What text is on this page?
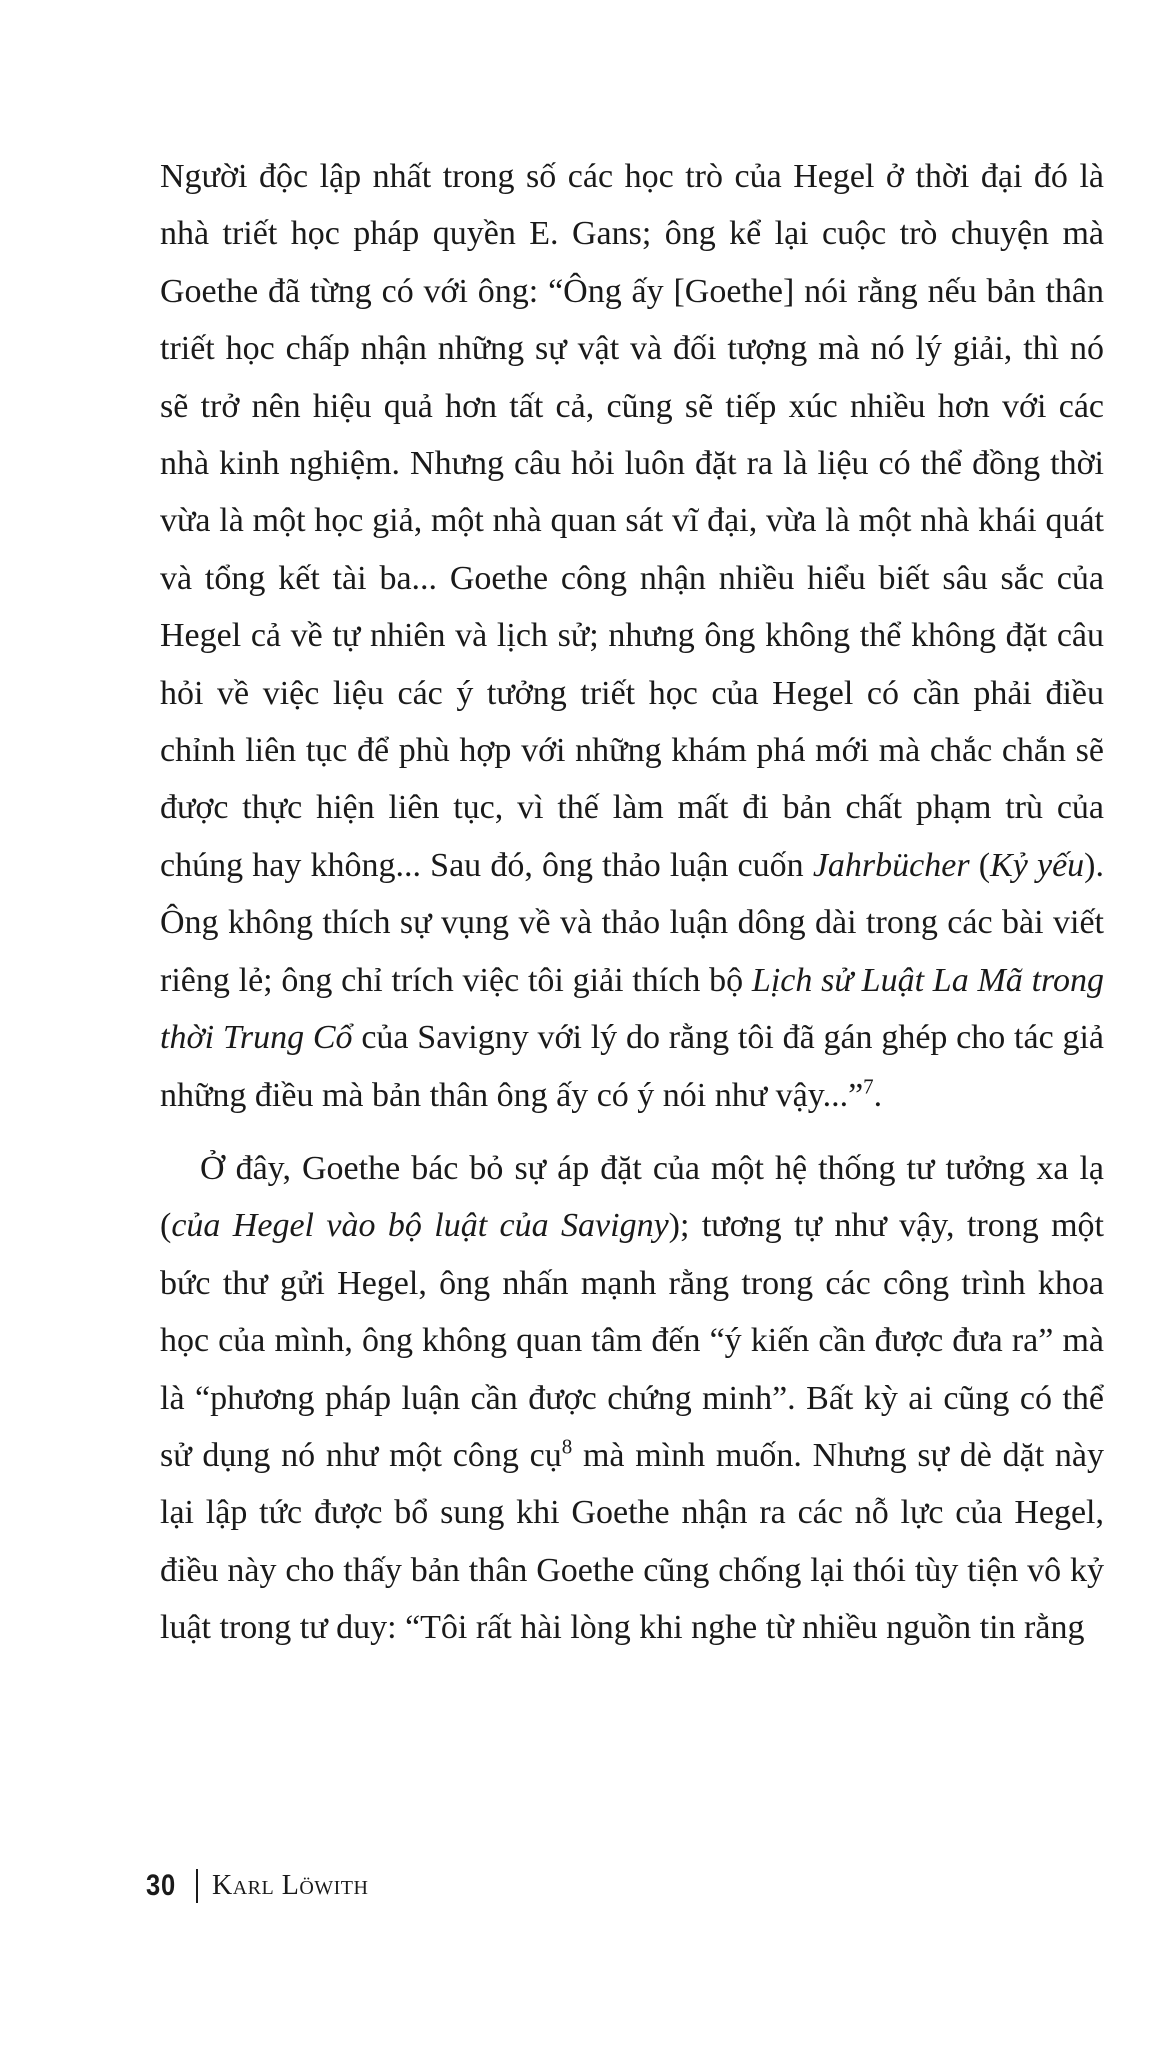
Người độc lập nhất trong số các học trò của Hegel ở thời đại đó là nhà triết học pháp quyền E. Gans; ông kể lại cuộc trò chuyện mà Goethe đã từng có với ông: “Ông ấy [Goethe] nói rằng nếu bản thân triết học chấp nhận những sự vật và đối tượng mà nó lý giải, thì nó sẽ trở nên hiệu quả hơn tất cả, cũng sẽ tiếp xúc nhiều hơn với các nhà kinh nghiệm. Nhưng câu hỏi luôn đặt ra là liệu có thể đồng thời vừa là một học giả, một nhà quan sát vĩ đại, vừa là một nhà khái quát và tổng kết tài ba... Goethe công nhận nhiều hiểu biết sâu sắc của Hegel cả về tự nhiên và lịch sử; nhưng ông không thể không đặt câu hỏi về việc liệu các ý tưởng triết học của Hegel có cần phải điều chỉnh liên tục để phù hợp với những khám phá mới mà chắc chắn sẽ được thực hiện liên tục, vì thế làm mất đi bản chất phạm trù của chúng hay không... Sau đó, ông thảo luận cuốn Jahrbücher (Kỷ yếu). Ông không thích sự vụng về và thảo luận dông dài trong các bài viết riêng lẻ; ông chỉ trích việc tôi giải thích bộ Lịch sử Luật La Mã trong thời Trung Cổ của Savigny với lý do rằng tôi đã gán ghép cho tác giả những điều mà bản thân ông ấy có ý nói như vậy...”$^7$.

Ở đây, Goethe bác bỏ sự áp đặt của một hệ thống tư tưởng xa lạ (của Hegel vào bộ luật của Savigny); tương tự như vậy, trong một bức thư gửi Hegel, ông nhấn mạnh rằng trong các công trình khoa học của mình, ông không quan tâm đến “ý kiến cần được đưa ra” mà là “phương pháp luận cần được chứng minh”. Bất kỳ ai cũng có thể sử dụng nó như một công cụ$^8$ mà mình muốn. Nhưng sự dè dặt này lại lập tức được bổ sung khi Goethe nhận ra các nỗ lực của Hegel, điều này cho thấy bản thân Goethe cũng chống lại thói tùy tiện vô kỷ luật trong tư duy: “Tôi rất hài lòng khi nghe từ nhiều nguồn tin rằng

30 Karl Löwith
